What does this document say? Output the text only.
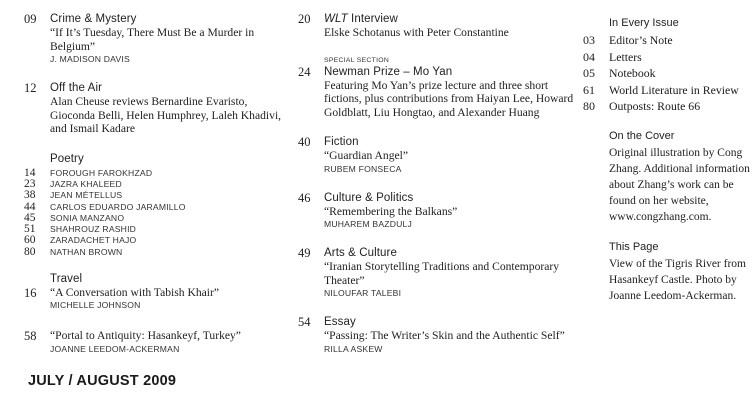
09	Crime & Mystery
“If It’s Tuesday, There Must Be a Murder in Belgium”
J. MADISON DAVIS
12	Off the Air
Alan Cheuse reviews Bernardine Evaristo, Gioconda Belli, Helen Humphrey, Laleh Khadivi, and Ismail Kadare
Poetry
14	FOROUGH FAROKHZAD
23	JAZRA KHALEED
38	JEAN MÉTELLUS
44	CARLOS EDUARDO JARAMILLO
45	SONIA MANZANO
51	SHAHROUZ RASHID
60	ZARADACHET HAJO
80	NATHAN BROWN
Travel
16	“A Conversation with Tabish Khair”
MICHELLE JOHNSON
58	“Portal to Antiquity: Hasankeyf, Turkey”
JOANNE LEEDOM-ACKERMAN
20	WLT Interview
Elske Schotanus with Peter Constantine
SPECIAL SECTION
24	Newman Prize – Mo Yan
Featuring Mo Yan’s prize lecture and three short fictions, plus contributions from Haiyan Lee, Howard Goldblatt, Liu Hongtao, and Alexander Huang
40	Fiction
“Guardian Angel”
RUBEM FONSECA
46	Culture & Politics
“Remembering the Balkans”
MUHAREM BAZDULJ
49	Arts & Culture
“Iranian Storytelling Traditions and Contemporary Theater”
NILOUFAR TALEBI
54	Essay
“Passing: The Writer’s Skin and the Authentic Self”
RILLA ASKEW
In Every Issue
03	Editor’s Note
04	Letters
05	Notebook
61	World Literature in Review
80	Outposts: Route 66
On the Cover
Original illustration by Cong Zhang. Additional information about Zhang’s work can be found on her website, www.congzhang.com.
This Page
View of the Tigris River from Hasankeyf Castle. Photo by Joanne Leedom-Ackerman.
JULY / AUGUST 2009
